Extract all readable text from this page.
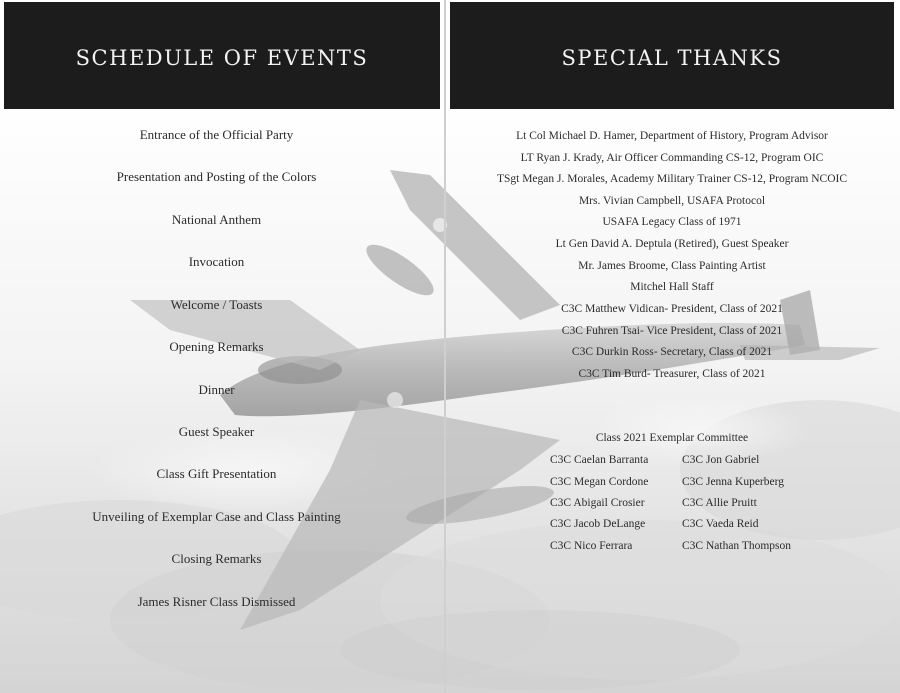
SCHEDULE OF EVENTS	SPECIAL THANKS
Entrance of the Official Party
Presentation and Posting of the Colors
National Anthem
Invocation
Welcome / Toasts
Opening Remarks
Dinner
Guest Speaker
Class Gift Presentation
Unveiling of Exemplar Case and Class Painting
Closing Remarks
James Risner Class Dismissed
Lt Col Michael D. Hamer, Department of History, Program Advisor
LT Ryan J. Krady, Air Officer Commanding CS-12, Program OIC
TSgt Megan J. Morales, Academy Military Trainer CS-12, Program NCOIC
Mrs. Vivian Campbell, USAFA Protocol
USAFA Legacy Class of 1971
Lt Gen David A. Deptula (Retired), Guest Speaker
Mr. James Broome, Class Painting Artist
Mitchel Hall Staff
C3C Matthew Vidican- President, Class of 2021
C3C Fuhren Tsai- Vice President, Class of 2021
C3C Durkin Ross- Secretary, Class of 2021
C3C Tim Burd- Treasurer, Class of 2021
Class 2021 Exemplar Committee
C3C Caelan Barranta
C3C Megan Cordone
C3C Abigail Crosier
C3C Jacob DeLange
C3C Nico Ferrara
C3C Jon Gabriel
C3C Jenna Kuperberg
C3C Allie Pruitt
C3C Vaeda Reid
C3C Nathan Thompson
